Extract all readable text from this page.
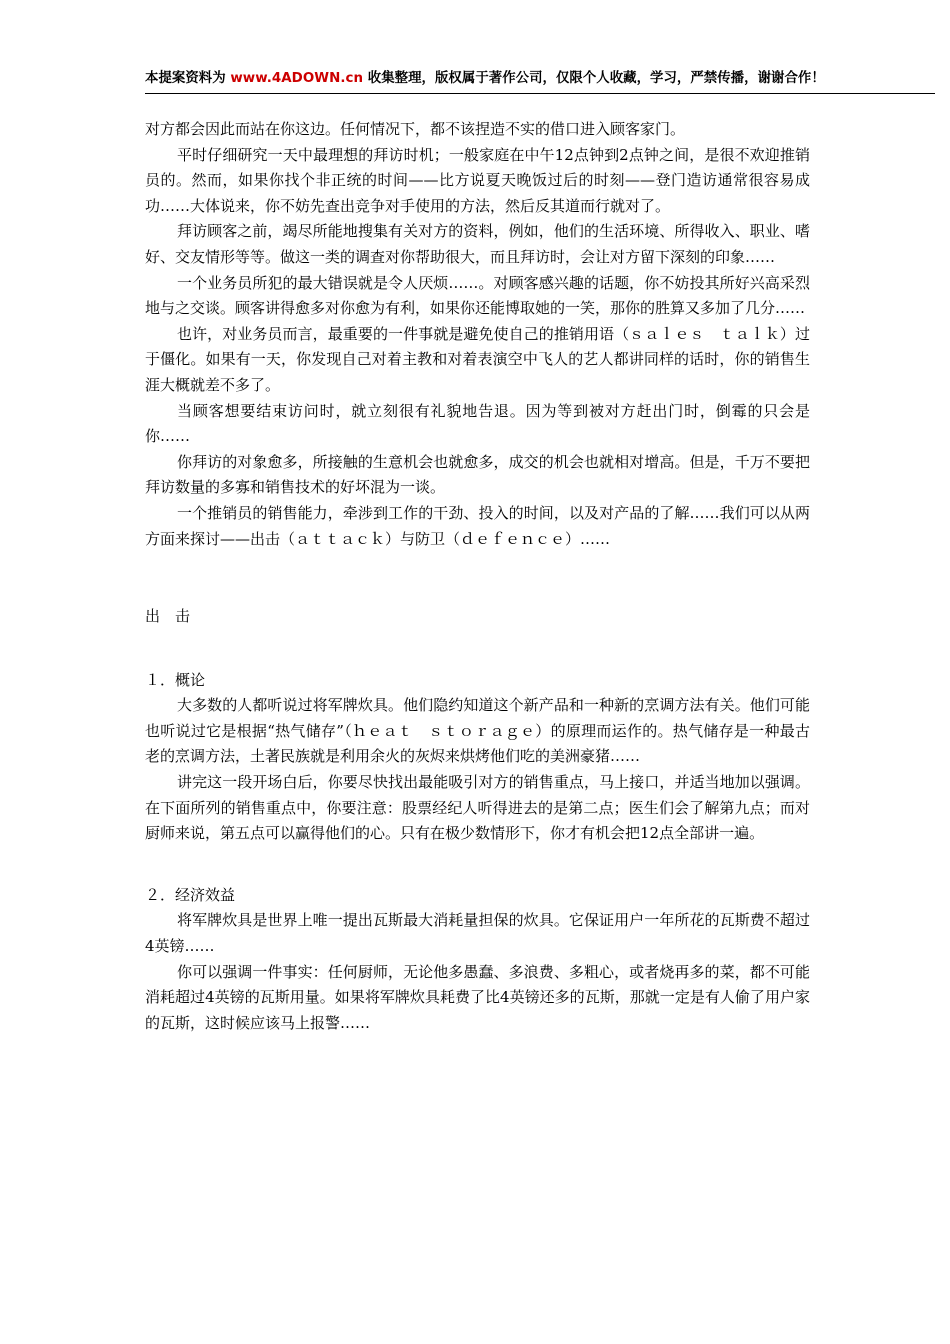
本提案资料为 www.4ADOWN.cn 收集整理，版权属于著作公司，仅限个人收藏，学习，严禁传播，谢谢合作！

对方都会因此而站在你这边。任何情况下，都不该捏造不实的借口进入顾客家门。

平时仔细研究一天中最理想的拜访时机；一般家庭在中午12点钟到2点钟之间，是很不欢迎推销员的。然而，如果你找个非正统的时间——比方说夏天晚饭过后的时刻——登门造访通常很容易成功……大体说来，你不妨先查出竞争对手使用的方法，然后反其道而行就对了。

拜访顾客之前，竭尽所能地搜集有关对方的资料，例如，他们的生活环境、所得收入、职业、嗜好、交友情形等等。做这一类的调查对你帮助很大，而且拜访时，会让对方留下深刻的印象……

一个业务员所犯的最大错误就是令人厌烦……。对顾客感兴趣的话题，你不妨投其所好兴高采烈地与之交谈。顾客讲得愈多对你愈为有利，如果你还能博取她的一笑，那你的胜算又多加了几分……

也许，对业务员而言，最重要的一件事就是避免使自己的推销用语（ｓａｌｅｓ　ｔａｌｋ）过于僵化。如果有一天，你发现自己对着主教和对着表演空中飞人的艺人都讲同样的话时，你的销售生涯大概就差不多了。

当顾客想要结束访问时，就立刻很有礼貌地告退。因为等到被对方赶出门时，倒霉的只会是你……

你拜访的对象愈多，所接触的生意机会也就愈多，成交的机会也就相对增高。但是，千万不要把拜访数量的多寡和销售技术的好坏混为一谈。

一个推销员的销售能力，牵涉到工作的干劲、投入的时间，以及对产品的了解……我们可以从两方面来探讨——出击（ａｔｔａｃｋ）与防卫（ｄｅｆｅｎｃｅ）……

出　击

１．概论

大多数的人都听说过将军牌炊具。他们隐约知道这个新产品和一种新的烹调方法有关。他们可能也听说过它是根据“热气储存”（ｈｅａｔ　ｓｔｏｒａｇｅ）的原理而运作的。热气储存是一种最古老的烹调方法，土著民族就是利用余火的灰烬来烘烤他们吃的美洲豪猪……

讲完这一段开场白后，你要尽快找出最能吸引对方的销售重点，马上接口，并适当地加以强调。在下面所列的销售重点中，你要注意：股票经纪人听得进去的是第二点；医生们会了解第九点；而对厨师来说，第五点可以赢得他们的心。只有在极少数情形下，你才有机会把12点全部讲一遍。

２．经济效益

将军牌炊具是世界上唯一提出瓦斯最大消耗量担保的炊具。它保证用户一年所花的瓦斯费不超过4英镑……

你可以强调一件事实：任何厨师，无论他多愚蠢、多浪费、多粗心，或者烧再多的菜，都不可能消耗超过4英镑的瓦斯用量。如果将军牌炊具耗费了比4英镑还多的瓦斯，那就一定是有人偷了用户家的瓦斯，这时候应该马上报警……
